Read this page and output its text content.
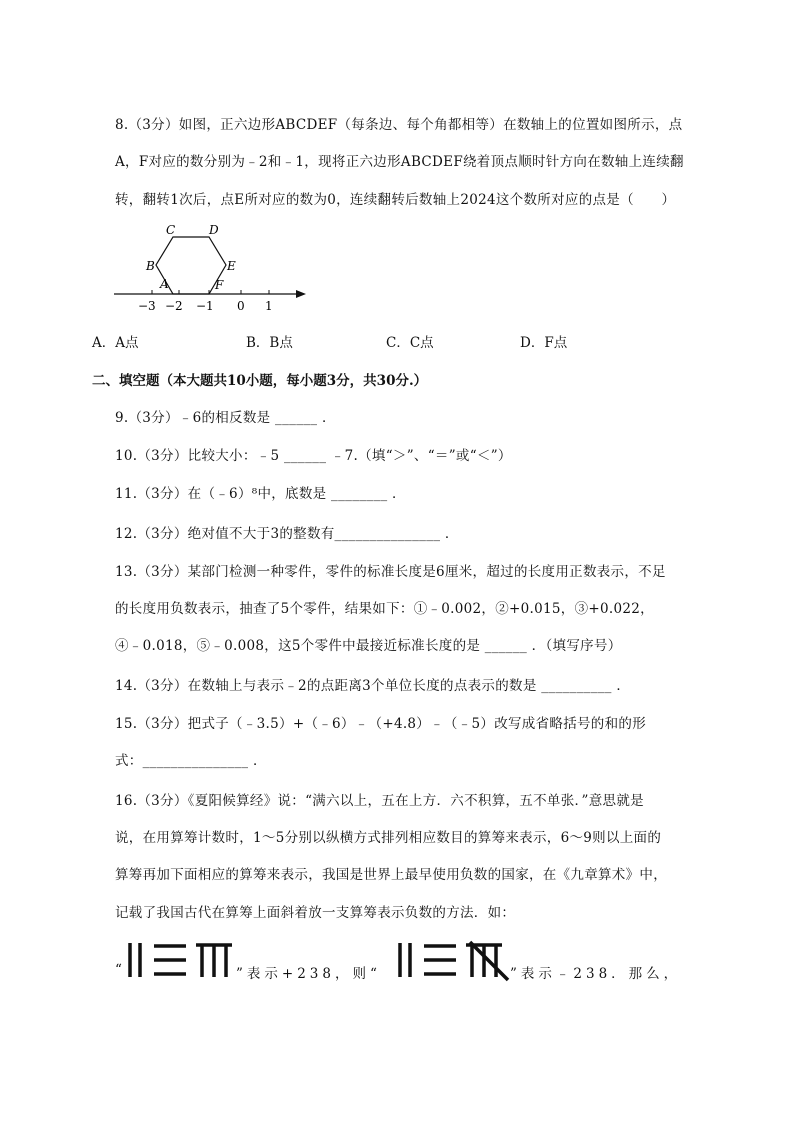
8.（3分）如图，正六边形ABCDEF（每条边、每个角都相等）在数轴上的位置如图所示，点
A，F对应的数分别为﹣2和﹣1，现将正六边形ABCDEF绕着顶点顺时针方向在数轴上连续翻
转，翻转1次后，点E所对应的数为0，连续翻转后数轴上2024这个数所对应的点是（　　）
C	D
B	E
A	F
−3 −2 −1 0 1
A．A点	B．B点	C．C点	D．F点
二、填空题（本大题共10小题，每小题3分，共30分.）
9.（3分）﹣6的相反数是 ______ ．
10.（3分）比较大小：﹣5 ______ ﹣7.（填“＞”、“＝”或“＜”）
11.（3分）在（﹣6）⁸中，底数是 ________ ．
12.（3分）绝对值不大于3的整数有_______________ ．
13.（3分）某部门检测一种零件，零件的标准长度是6厘米，超过的长度用正数表示，不足
的长度用负数表示，抽查了5个零件，结果如下：①﹣0.002，②+0.015，③+0.022，
④﹣0.018，⑤﹣0.008，这5个零件中最接近标准长度的是 ______ ．（填写序号）
14.（3分）在数轴上与表示﹣2的点距离3个单位长度的点表示的数是 __________ ．
15.（3分）把式子（﹣3.5）+（﹣6）﹣（+4.8）﹣（﹣5）改写成省略括号的和的形
式：_______________ ．
16.（3分）《夏阳候算经》说：“满六以上，五在上方．六不积算，五不单张．”意思就是
说，在用算筹计数时，1～5分别以纵横方式排列相应数目的算筹来表示，6～9则以上面的
算筹再加下面相应的算筹来表示，我国是世界上最早使用负数的国家，在《九章算术》中，
记载了我国古代在算筹上面斜着放一支算筹表示负数的方法．如：
“	”表示+238，则“	”表示﹣238．那么，
